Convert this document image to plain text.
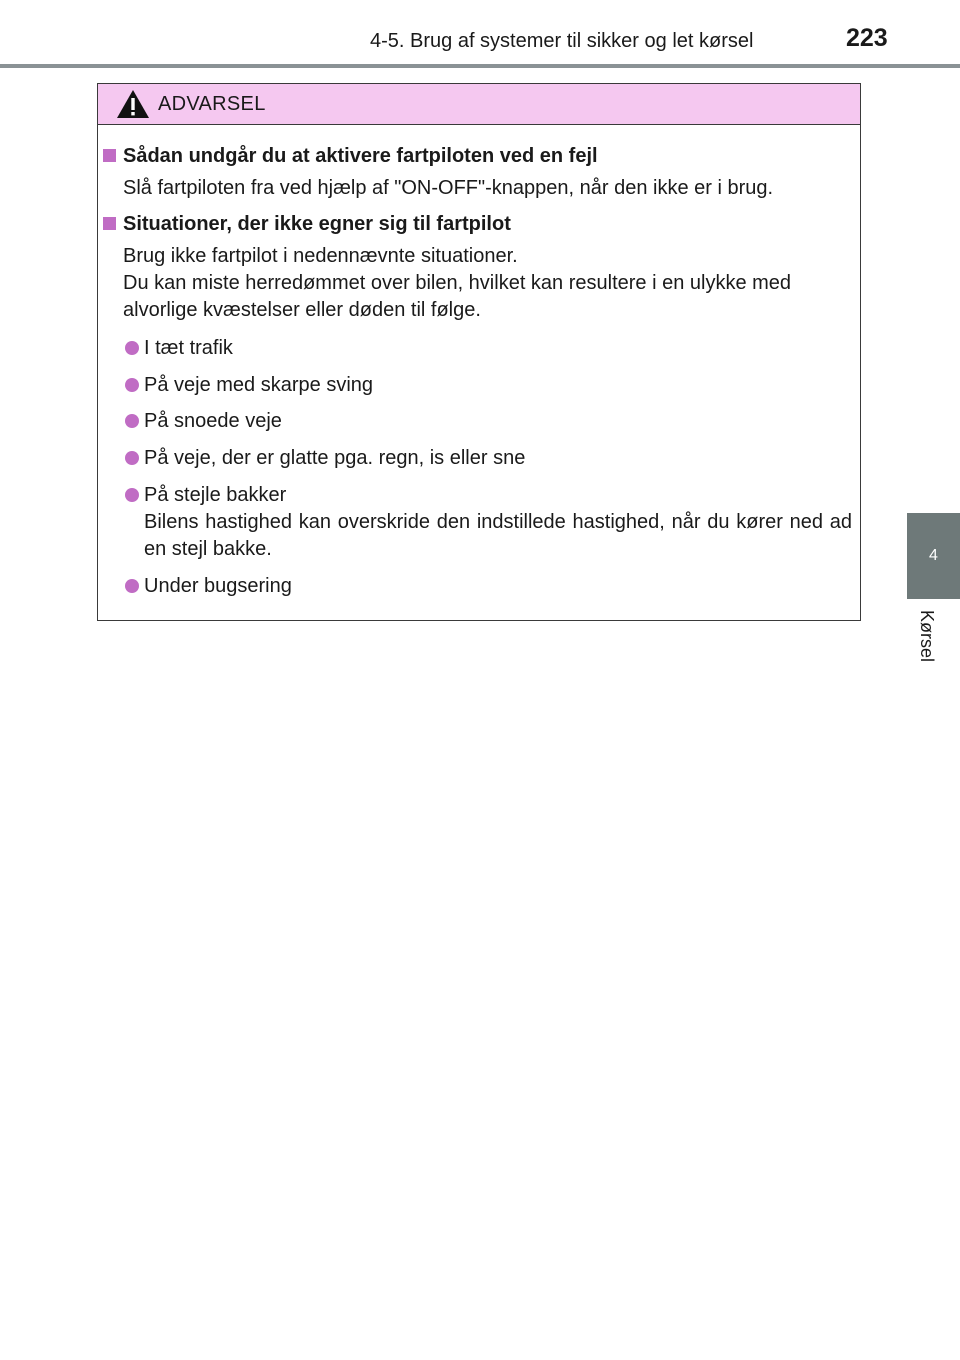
4-5. Brug af systemer til sikker og let kørsel	223
4
Kørsel
ADVARSEL
Sådan undgår du at aktivere fartpiloten ved en fejl
Slå fartpiloten fra ved hjælp af "ON-OFF"-knappen, når den ikke er i brug.
Situationer, der ikke egner sig til fartpilot
Brug ikke fartpilot i nedennævnte situationer.
Du kan miste herredømmet over bilen, hvilket kan resultere i en ulykke med
alvorlige kvæstelser eller døden til følge.
I tæt trafik
På veje med skarpe sving
På snoede veje
På veje, der er glatte pga. regn, is eller sne
På stejle bakker
Bilens hastighed kan overskride den indstillede hastighed, når du kører ned ad en stejl bakke.
Under bugsering
